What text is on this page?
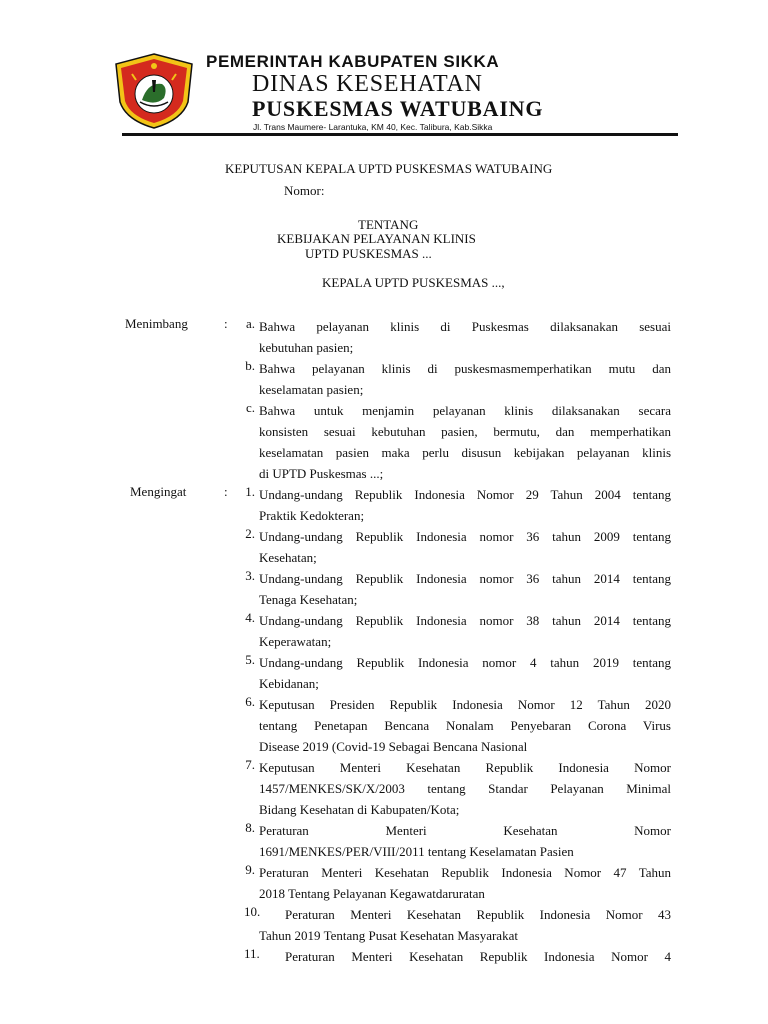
PEMERINTAH KABUPATEN SIKKA
DINAS KESEHATAN
PUSKESMAS WATUBAING
Jl. Trans Maumere- Larantuka, KM 40, Kec. Talibura, Kab.Sikka
KEPUTUSAN KEPALA UPTD PUSKESMAS WATUBAING
Nomor:
TENTANG
KEBIJAKAN PELAYANAN KLINIS
UPTD PUSKESMAS ...
KEPALA UPTD PUSKESMAS ...,
Menimbang	:	a. Bahwa pelayanan klinis di Puskesmas dilaksanakan sesuai
kebutuhan pasien;
b. Bahwa pelayanan klinis di puskesmasmemperhatikan mutu dan
keselamatan pasien;
c. Bahwa untuk menjamin pelayanan klinis dilaksanakan secara
konsisten sesuai kebutuhan pasien, bermutu, dan memperhatikan
keselamatan pasien maka perlu disusun kebijakan pelayanan klinis
di UPTD Puskesmas ...;
Mengingat	:	1. Undang-undang Republik Indonesia Nomor 29 Tahun 2004 tentang
Praktik Kedokteran;
2. Undang-undang Republik Indonesia nomor 36 tahun 2009 tentang
Kesehatan;
3. Undang-undang Republik Indonesia nomor 36 tahun 2014 tentang
Tenaga Kesehatan;
4. Undang-undang Republik Indonesia nomor 38 tahun 2014 tentang
Keperawatan;
5. Undang-undang Republik Indonesia nomor 4 tahun 2019 tentang
Kebidanan;
6. Keputusan Presiden Republik Indonesia Nomor 12 Tahun 2020
tentang Penetapan Bencana Nonalam Penyebaran Corona Virus
Disease 2019 (Covid-19 Sebagai Bencana Nasional
7. Keputusan Menteri Kesehatan Republik Indonesia Nomor
1457/MENKES/SK/X/2003 tentang Standar Pelayanan Minimal
Bidang Kesehatan di Kabupaten/Kota;
8. Peraturan Menteri Kesehatan Nomor
1691/MENKES/PER/VIII/2011 tentang Keselamatan Pasien
9. Peraturan Menteri Kesehatan Republik Indonesia Nomor 47 Tahun
2018 Tentang Pelayanan Kegawatdaruratan
10.	Peraturan Menteri Kesehatan Republik Indonesia Nomor 43
Tahun 2019 Tentang Pusat Kesehatan Masyarakat
11.	Peraturan Menteri Kesehatan Republik Indonesia Nomor 4
